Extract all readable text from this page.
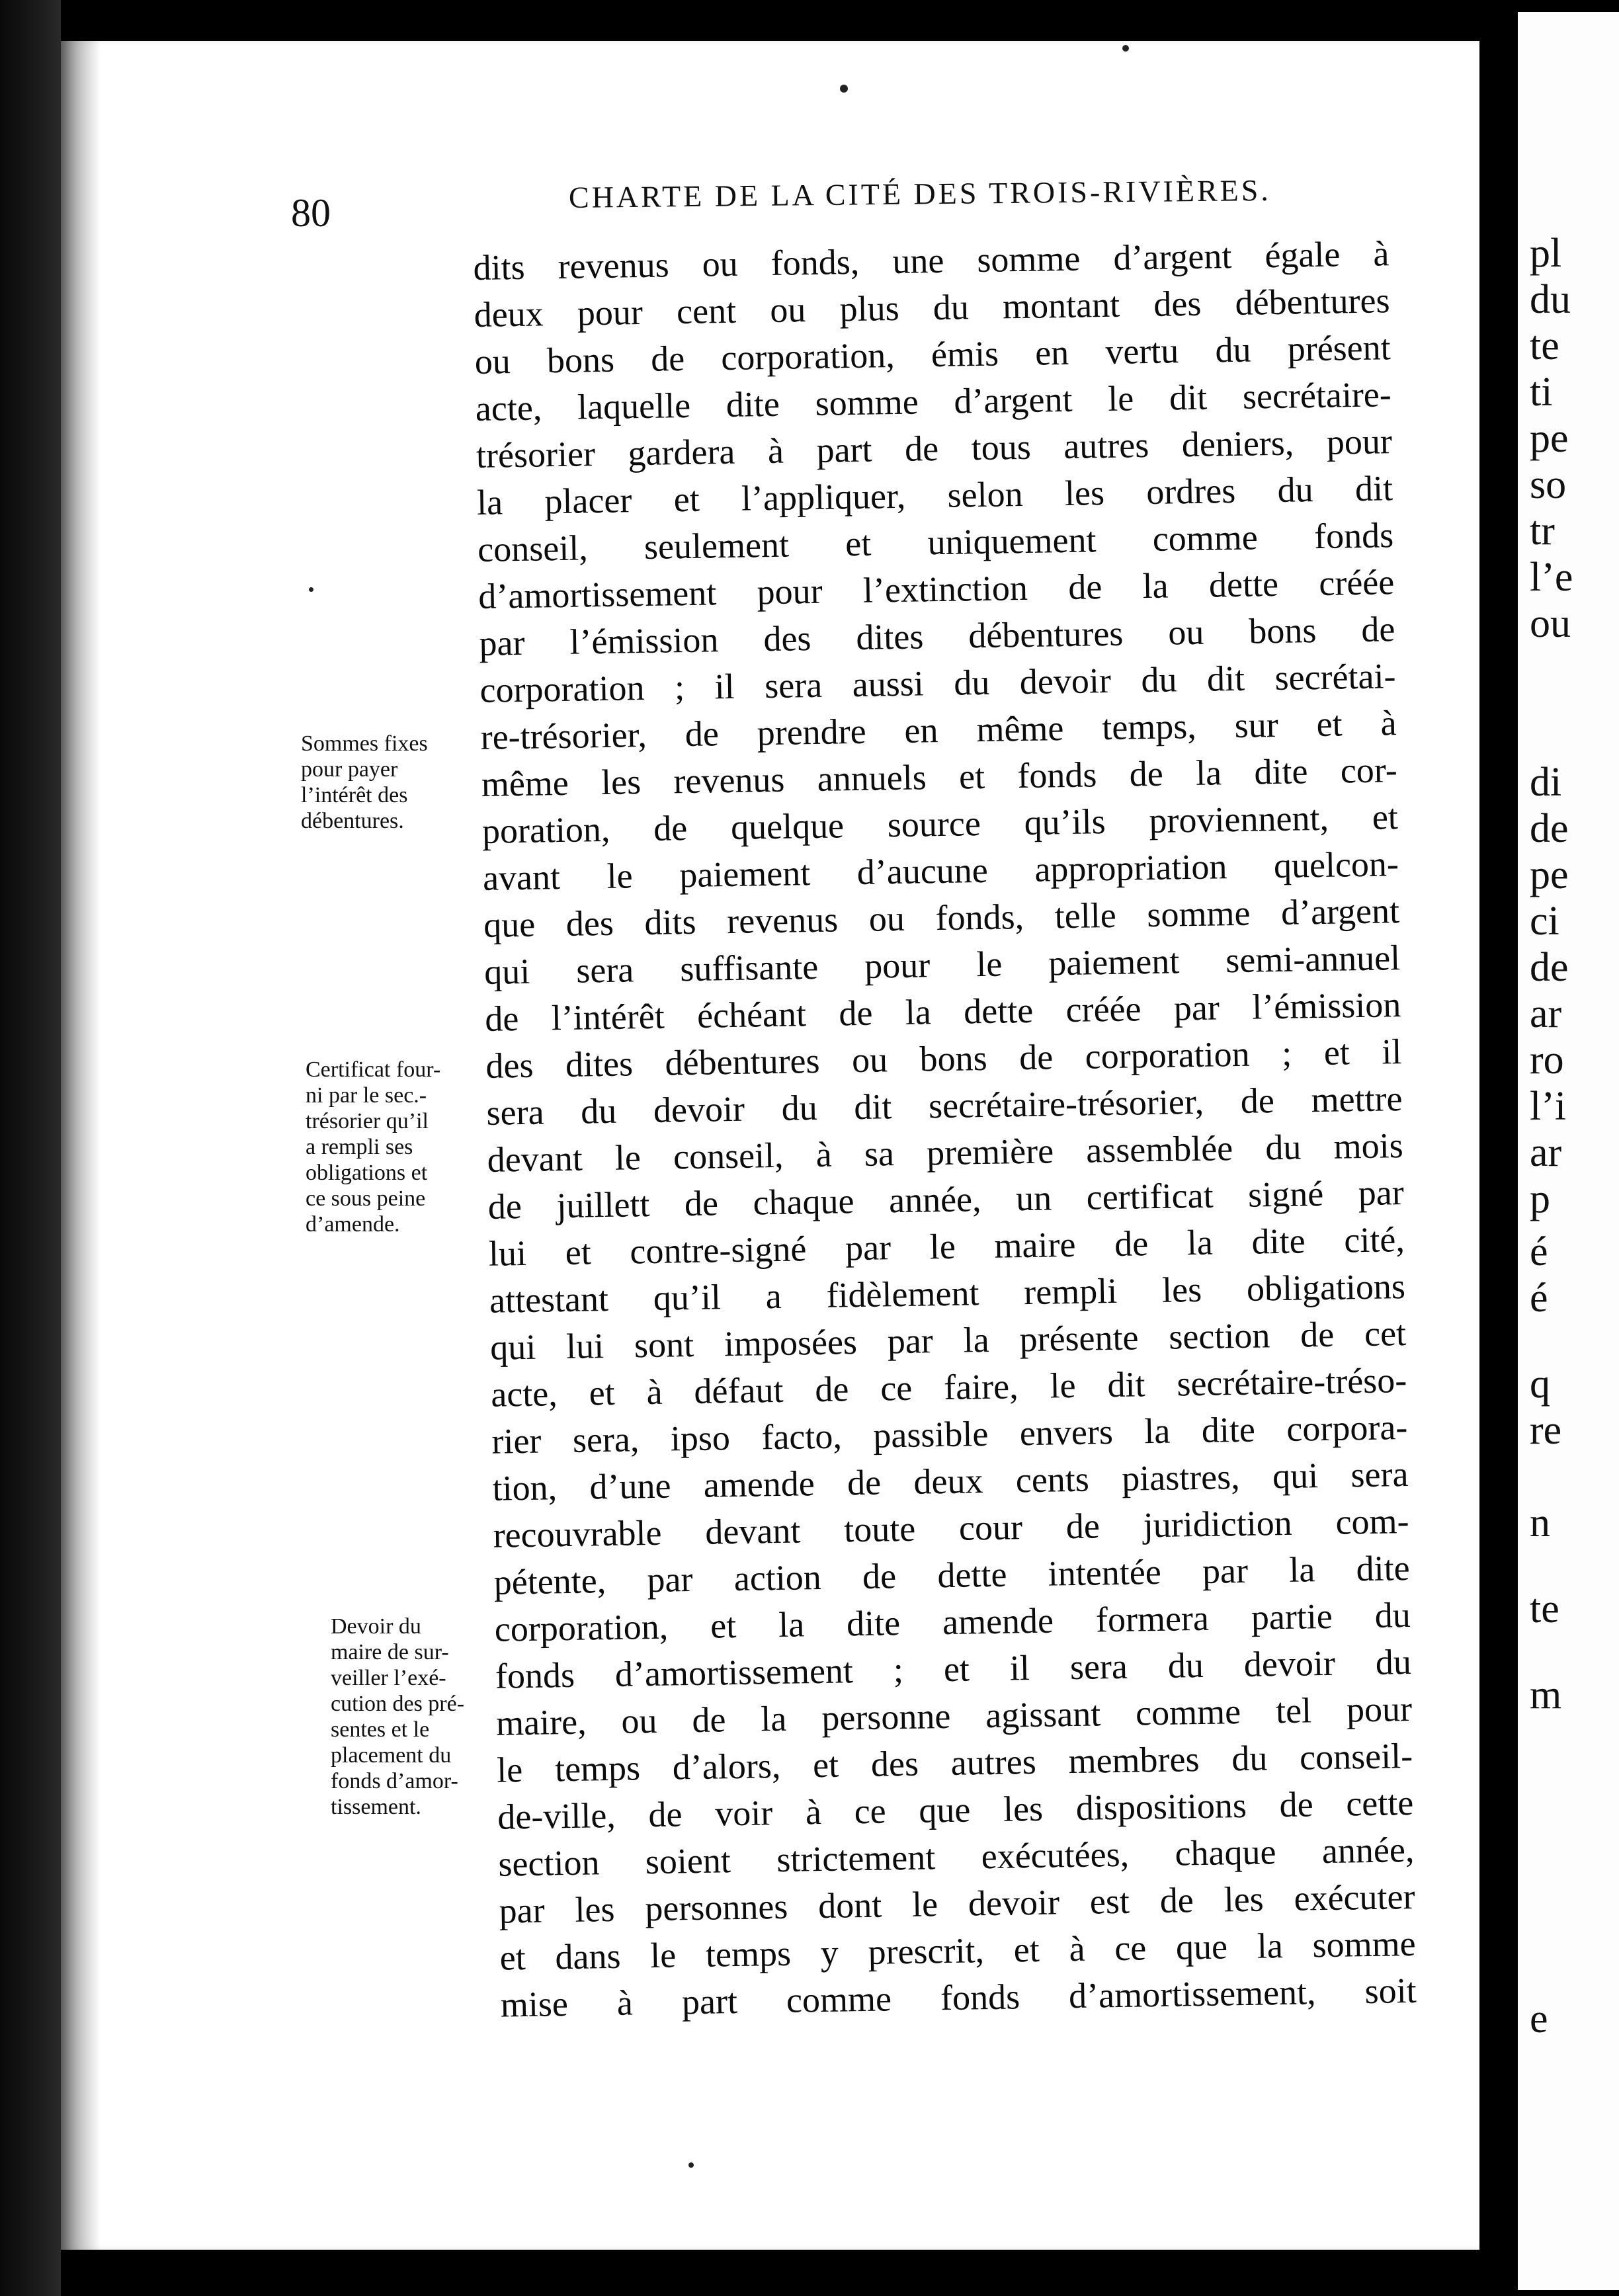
80	CHARTE DE LA CITÉ DES TROIS-RIVIÈRES.
dits revenus ou fonds, une somme d’argent égale à
deux pour cent ou plus du montant des débentures
ou bons de corporation, émis en vertu du présent
acte, laquelle dite somme d’argent le dit secrétaire-
trésorier gardera à part de tous autres deniers, pour
la placer et l’appliquer, selon les ordres du dit
conseil, seulement et uniquement comme fonds
d’amortissement pour l’extinction de la dette créée
par l’émission des dites débentures ou bons de
corporation ; il sera aussi du devoir du dit secrétai-
re-trésorier, de prendre en même temps, sur et à
même les revenus annuels et fonds de la dite cor-
poration, de quelque source qu’ils proviennent, et
avant le paiement d’aucune appropriation quelcon-
que des dits revenus ou fonds, telle somme d’argent
qui sera suffisante pour le paiement semi-annuel
de l’intérêt échéant de la dette créée par l’émission
des dites débentures ou bons de corporation ; et il
sera du devoir du dit secrétaire-trésorier, de mettre
devant le conseil, à sa première assemblée du mois
de juillett de chaque année, un certificat signé par
lui et contre-signé par le maire de la dite cité,
attestant qu’il a fidèlement rempli les obligations
qui lui sont imposées par la présente section de cet
acte, et à défaut de ce faire, le dit secrétaire-tréso-
rier sera, ipso facto, passible envers la dite corpora-
tion, d’une amende de deux cents piastres, qui sera
recouvrable devant toute cour de juridiction com-
pétente, par action de dette intentée par la dite
corporation, et la dite amende formera partie du
fonds d’amortissement ; et il sera du devoir du
maire, ou de la personne agissant comme tel pour
le temps d’alors, et des autres membres du conseil-
de-ville, de voir à ce que les dispositions de cette
section soient strictement exécutées, chaque année,
par les personnes dont le devoir est de les exécuter
et dans le temps y prescrit, et à ce que la somme
mise à part comme fonds d’amortissement, soit
Sommes fixes
pour payer
l’intérêt des
débentures.
Certificat four-
ni par le sec.-
trésorier qu’il
a rempli ses
obligations et
ce sous peine
d’amende.
Devoir du
maire de sur-
veiller l’exé-
cution des pré-
sentes et le
placement du
fonds d’amor-
tissement.
pl
du
te
ti
pe
so
tr
l’e
ou
di
de
pe
ci
de
ar
ro
l’i
ar
p
é
é
q
re
n
te
m
e
